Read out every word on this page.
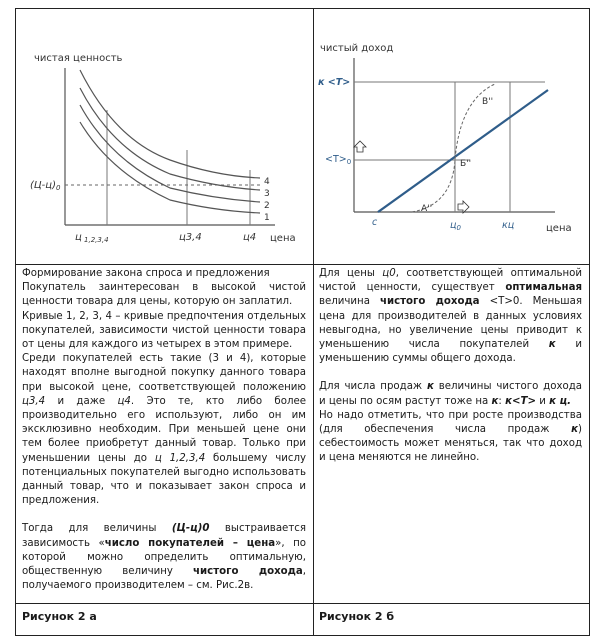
чистая ценность
4
3
2
1
$(Ц-ц)_0$
ц $_{1,2,3,4}$	ц3,4	ц4 цена
чистый доход
к <Т>
$<Т>_0$
В''
Б''
А''
с	$ц_0$	кц	цена

Формирование закона спроса и предложения

Покупатель заинтересован в высокой чистой ценности товара для цены, которую он заплатил.

Кривые 1, 2, 3, 4 – кривые предпочтения отдельных покупателей, зависимости чистой ценности товара от цены для каждого из четырех в этом примере.

Среди покупателей есть такие (3 и 4), которые находят вполне выгодной покупку данного товара при высокой цене, соответствующей положению ц3,4 и даже ц4. Это те, кто либо более производительно его используют, либо он им эксклюзивно необходим. При меньшей цене они тем более приобретут данный товар. Только при уменьшении цены до ц 1,2,3,4 большему числу потенциальных покупателей выгодно использовать данный товар, что и показывает закон спроса и предложения.

Тогда для величины (Ц-ц)0 выстраивается зависимость «число покупателей – цена», по которой можно определить оптимальную, общественную величину чистого дохода, получаемого производителем – см. Рис.2в.

Для цены ц0, соответствующей оптимальной чистой ценности, существует оптимальная величина чистого дохода <Т>0. Меньшая цена для производителей в данных условиях невыгодна, но увеличение цены приводит к уменьшению числа покупателей к и уменьшению суммы общего дохода.

Для числа продаж к величины чистого дохода и цены по осям растут тоже на к: к<Т> и к ц.

Но надо отметить, что при росте производства (для обеспечения числа продаж к) себестоимость может меняться, так что доход и цена меняются не линейно.

Рисунок 2 а	Рисунок 2 б
